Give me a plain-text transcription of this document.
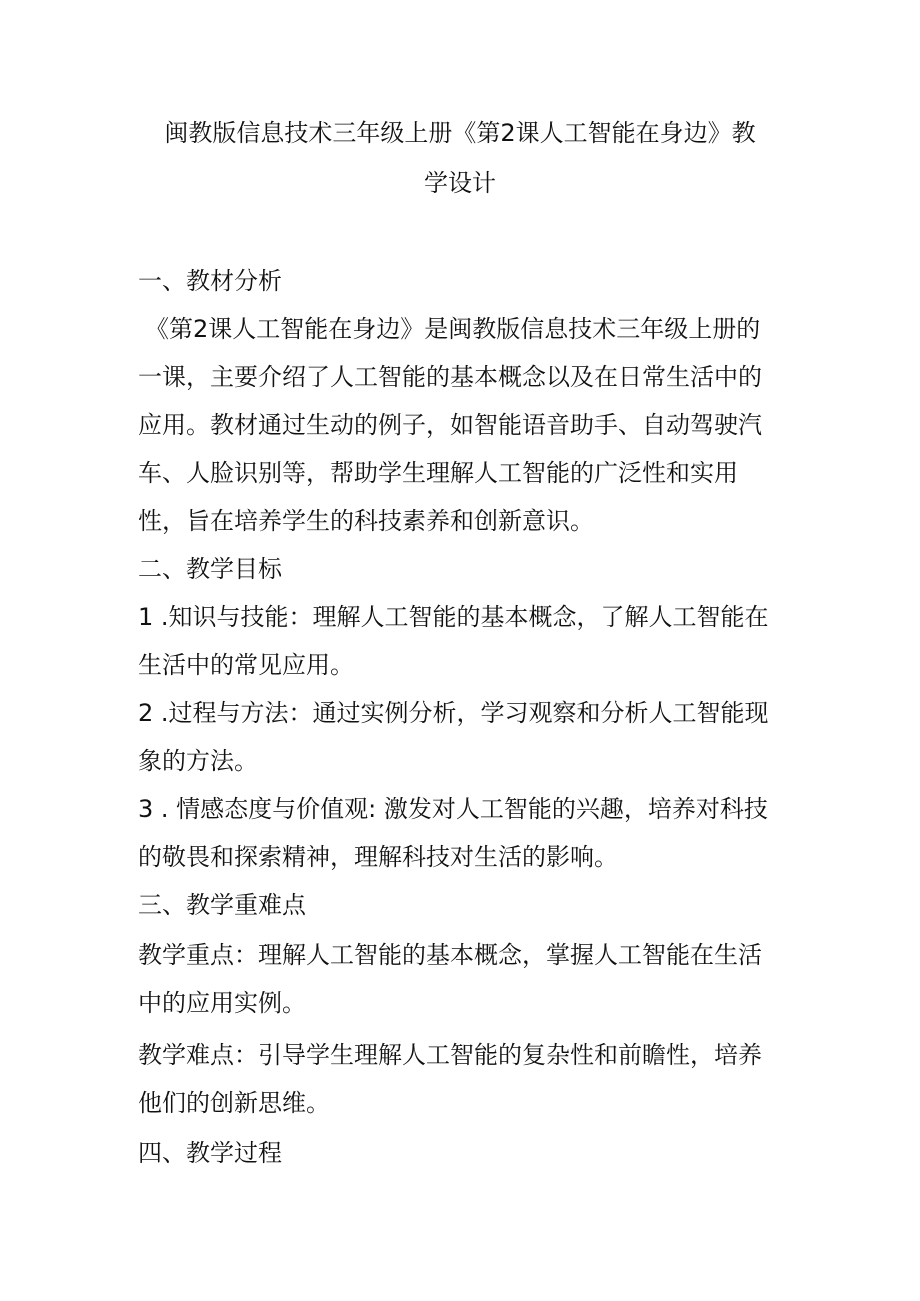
闽教版信息技术三年级上册《第2课人工智能在身边》教
学设计
一、教材分析
《第2课人工智能在身边》是闽教版信息技术三年级上册的
一课，主要介绍了人工智能的基本概念以及在日常生活中的
应用。教材通过生动的例子，如智能语音助手、自动驾驶汽
车、人脸识别等，帮助学生理解人工智能的广泛性和实用
性，旨在培养学生的科技素养和创新意识。
二、教学目标
1 .知识与技能：理解人工智能的基本概念，了解人工智能在
生活中的常见应用。
2 .过程与方法：通过实例分析，学习观察和分析人工智能现
象的方法。
3 . 情感态度与价值观: 激发对人工智能的兴趣，培养对科技
的敬畏和探索精神，理解科技对生活的影响。
三、教学重难点
教学重点：理解人工智能的基本概念，掌握人工智能在生活
中的应用实例。
教学难点：引导学生理解人工智能的复杂性和前瞻性，培养
他们的创新思维。
四、教学过程
